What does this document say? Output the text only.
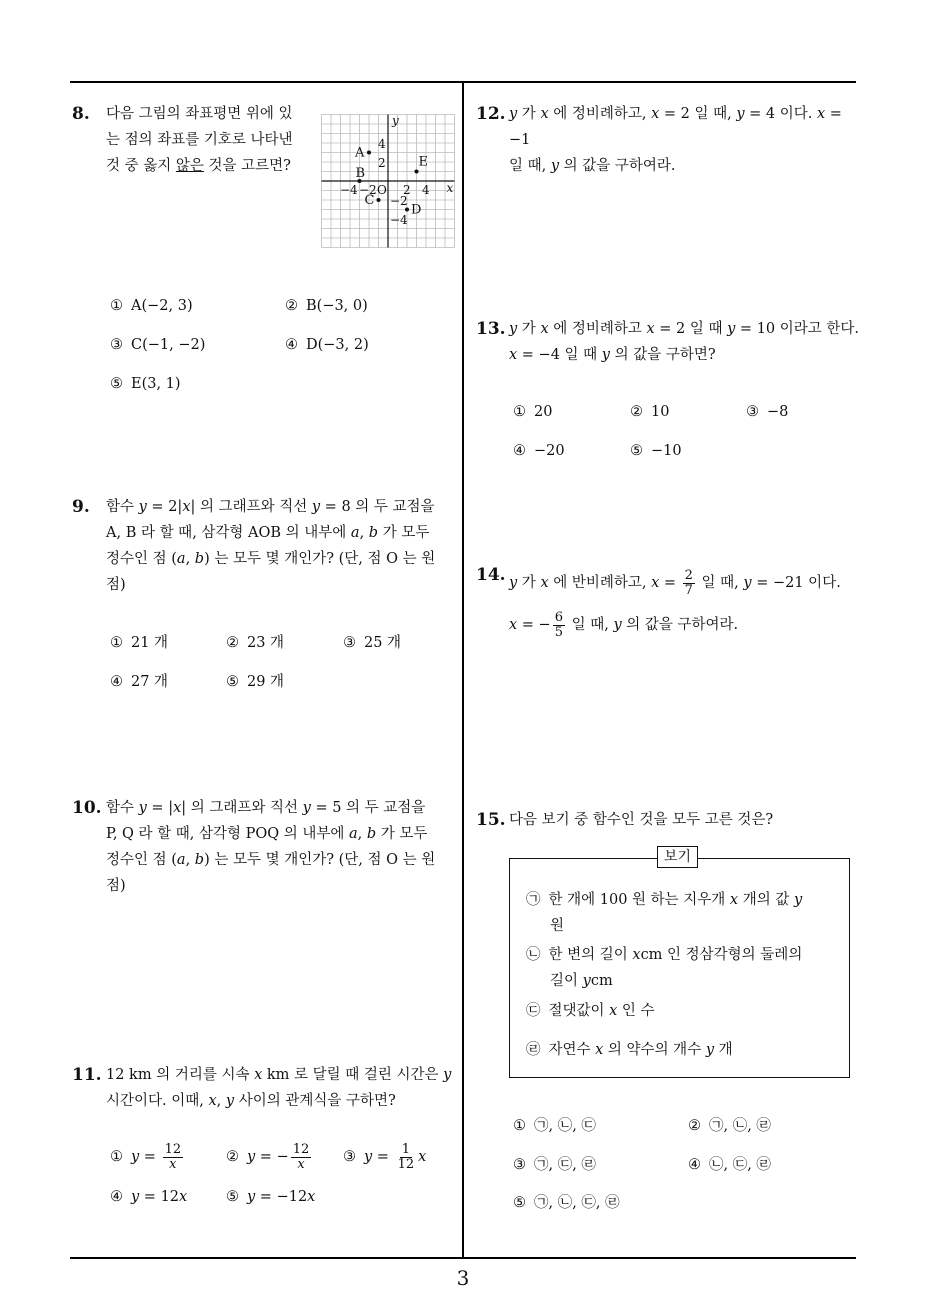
8. 다음 그림의 좌표평면 위에 있
는 점의 좌표를 기호로 나타낸
것 중 옳지 않은 것을 고르면?
x
y
O
−4 −2 2 4
4
2
−2
−4
A
B
C
D
E
① A(−2, 3)	② B(−3, 0)
③ C(−1, −2)	④ D(−3, 2)
⑤ E(3, 1)
9. 함수 y = 2|x| 의 그래프와 직선 y = 8 의 두 교점을
A, B 라 할 때, 삼각형 AOB 의 내부에 a, b 가 모두
정수인 점 (a, b) 는 모두 몇 개인가? (단, 점 O 는 원
점)
① 21 개	② 23 개	③ 25 개
④ 27 개	⑤ 29 개
10. 함수 y = |x| 의 그래프와 직선 y = 5 의 두 교점을
P, Q 라 할 때, 삼각형 POQ 의 내부에 a, b 가 모두
정수인 점 (a, b) 는 모두 몇 개인가? (단, 점 O 는 원
점)
11. 12 km 의 거리를 시속 x km 로 달릴 때 걸린 시간은 y
시간이다. 이때, x, y 사이의 관계식을 구하면?
① $y = \frac{12}{x}$	② y = − $\frac{12}{x}$ ③ $y = \frac{1}{12}$ x
④ y = 12x	⑤ y = −12x
12. y 가 x 에 정비례하고, x = 2 일 때, y = 4 이다. x = −1
일 때, y 의 값을 구하여라.
13. y 가 x 에 정비례하고 x = 2 일 때 y = 10 이라고 한다.
x = −4 일 때 y 의 값을 구하면?
① 20	② 10	③ −8
④ −20	⑤ −10
14. y 가 x 에 반비례하고, $x = \frac{2}{7}$ 일 때, y = −21 이다.
x = − $\frac{6}{5}$ 일 때, y 의 값을 구하여라.
15. 다음 보기 중 함수인 것을 모두 고른 것은?
보기
㉠ 한 개에 100 원 하는 지우개 x 개의 값 y
원
㉡ 한 변의 길이 xcm 인 정삼각형의 둘레의
길이 ycm
㉢ 절댓값이 x 인 수
㉣ 자연수 x 의 약수의 개수 y 개
① ㉠, ㉡, ㉢	② ㉠, ㉡, ㉣
③ ㉠, ㉢, ㉣	④ ㉡, ㉢, ㉣
⑤ ㉠, ㉡, ㉢, ㉣
3
